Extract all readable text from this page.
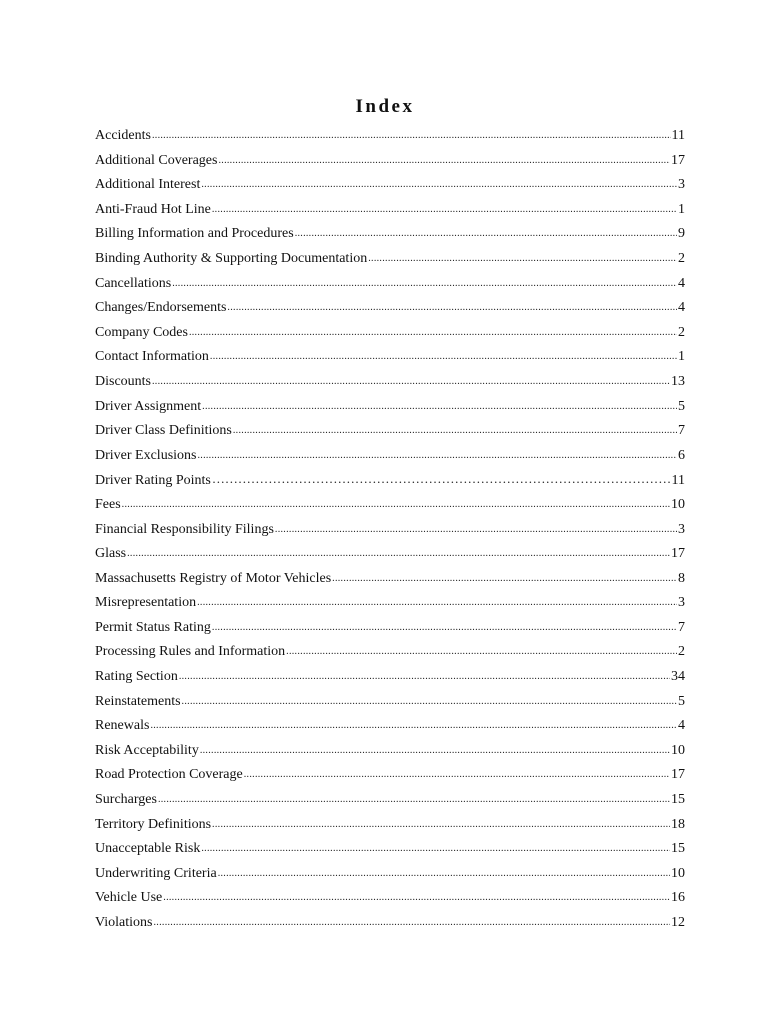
Index
Accidents .....	11
Additional Coverages .....	17
Additional Interest .....	3
Anti-Fraud Hot Line .....	1
Billing Information and Procedures .....	9
Binding Authority & Supporting Documentation .....	2
Cancellations .....	4
Changes/Endorsements .....	4
Company Codes .....	2
Contact Information .....	1
Discounts .....	13
Driver Assignment .....	5
Driver Class Definitions .....	7
Driver Exclusions .....	6
Driver Rating Points ……………………………………………………………………………………………………………………………………………………	11
Fees .....	10
Financial Responsibility Filings .....	3
Glass .....	17
Massachusetts Registry of Motor Vehicles .....	8
Misrepresentation .....	3
Permit Status Rating .....	7
Processing Rules and Information .....	2
Rating Section .....	34
Reinstatements .....	5
Renewals .....	4
Risk Acceptability .....	10
Road Protection Coverage .....	17
Surcharges .....	15
Territory Definitions .....	18
Unacceptable Risk .....	15
Underwriting Criteria .....	10
Vehicle Use .....	16
Violations .....	12
